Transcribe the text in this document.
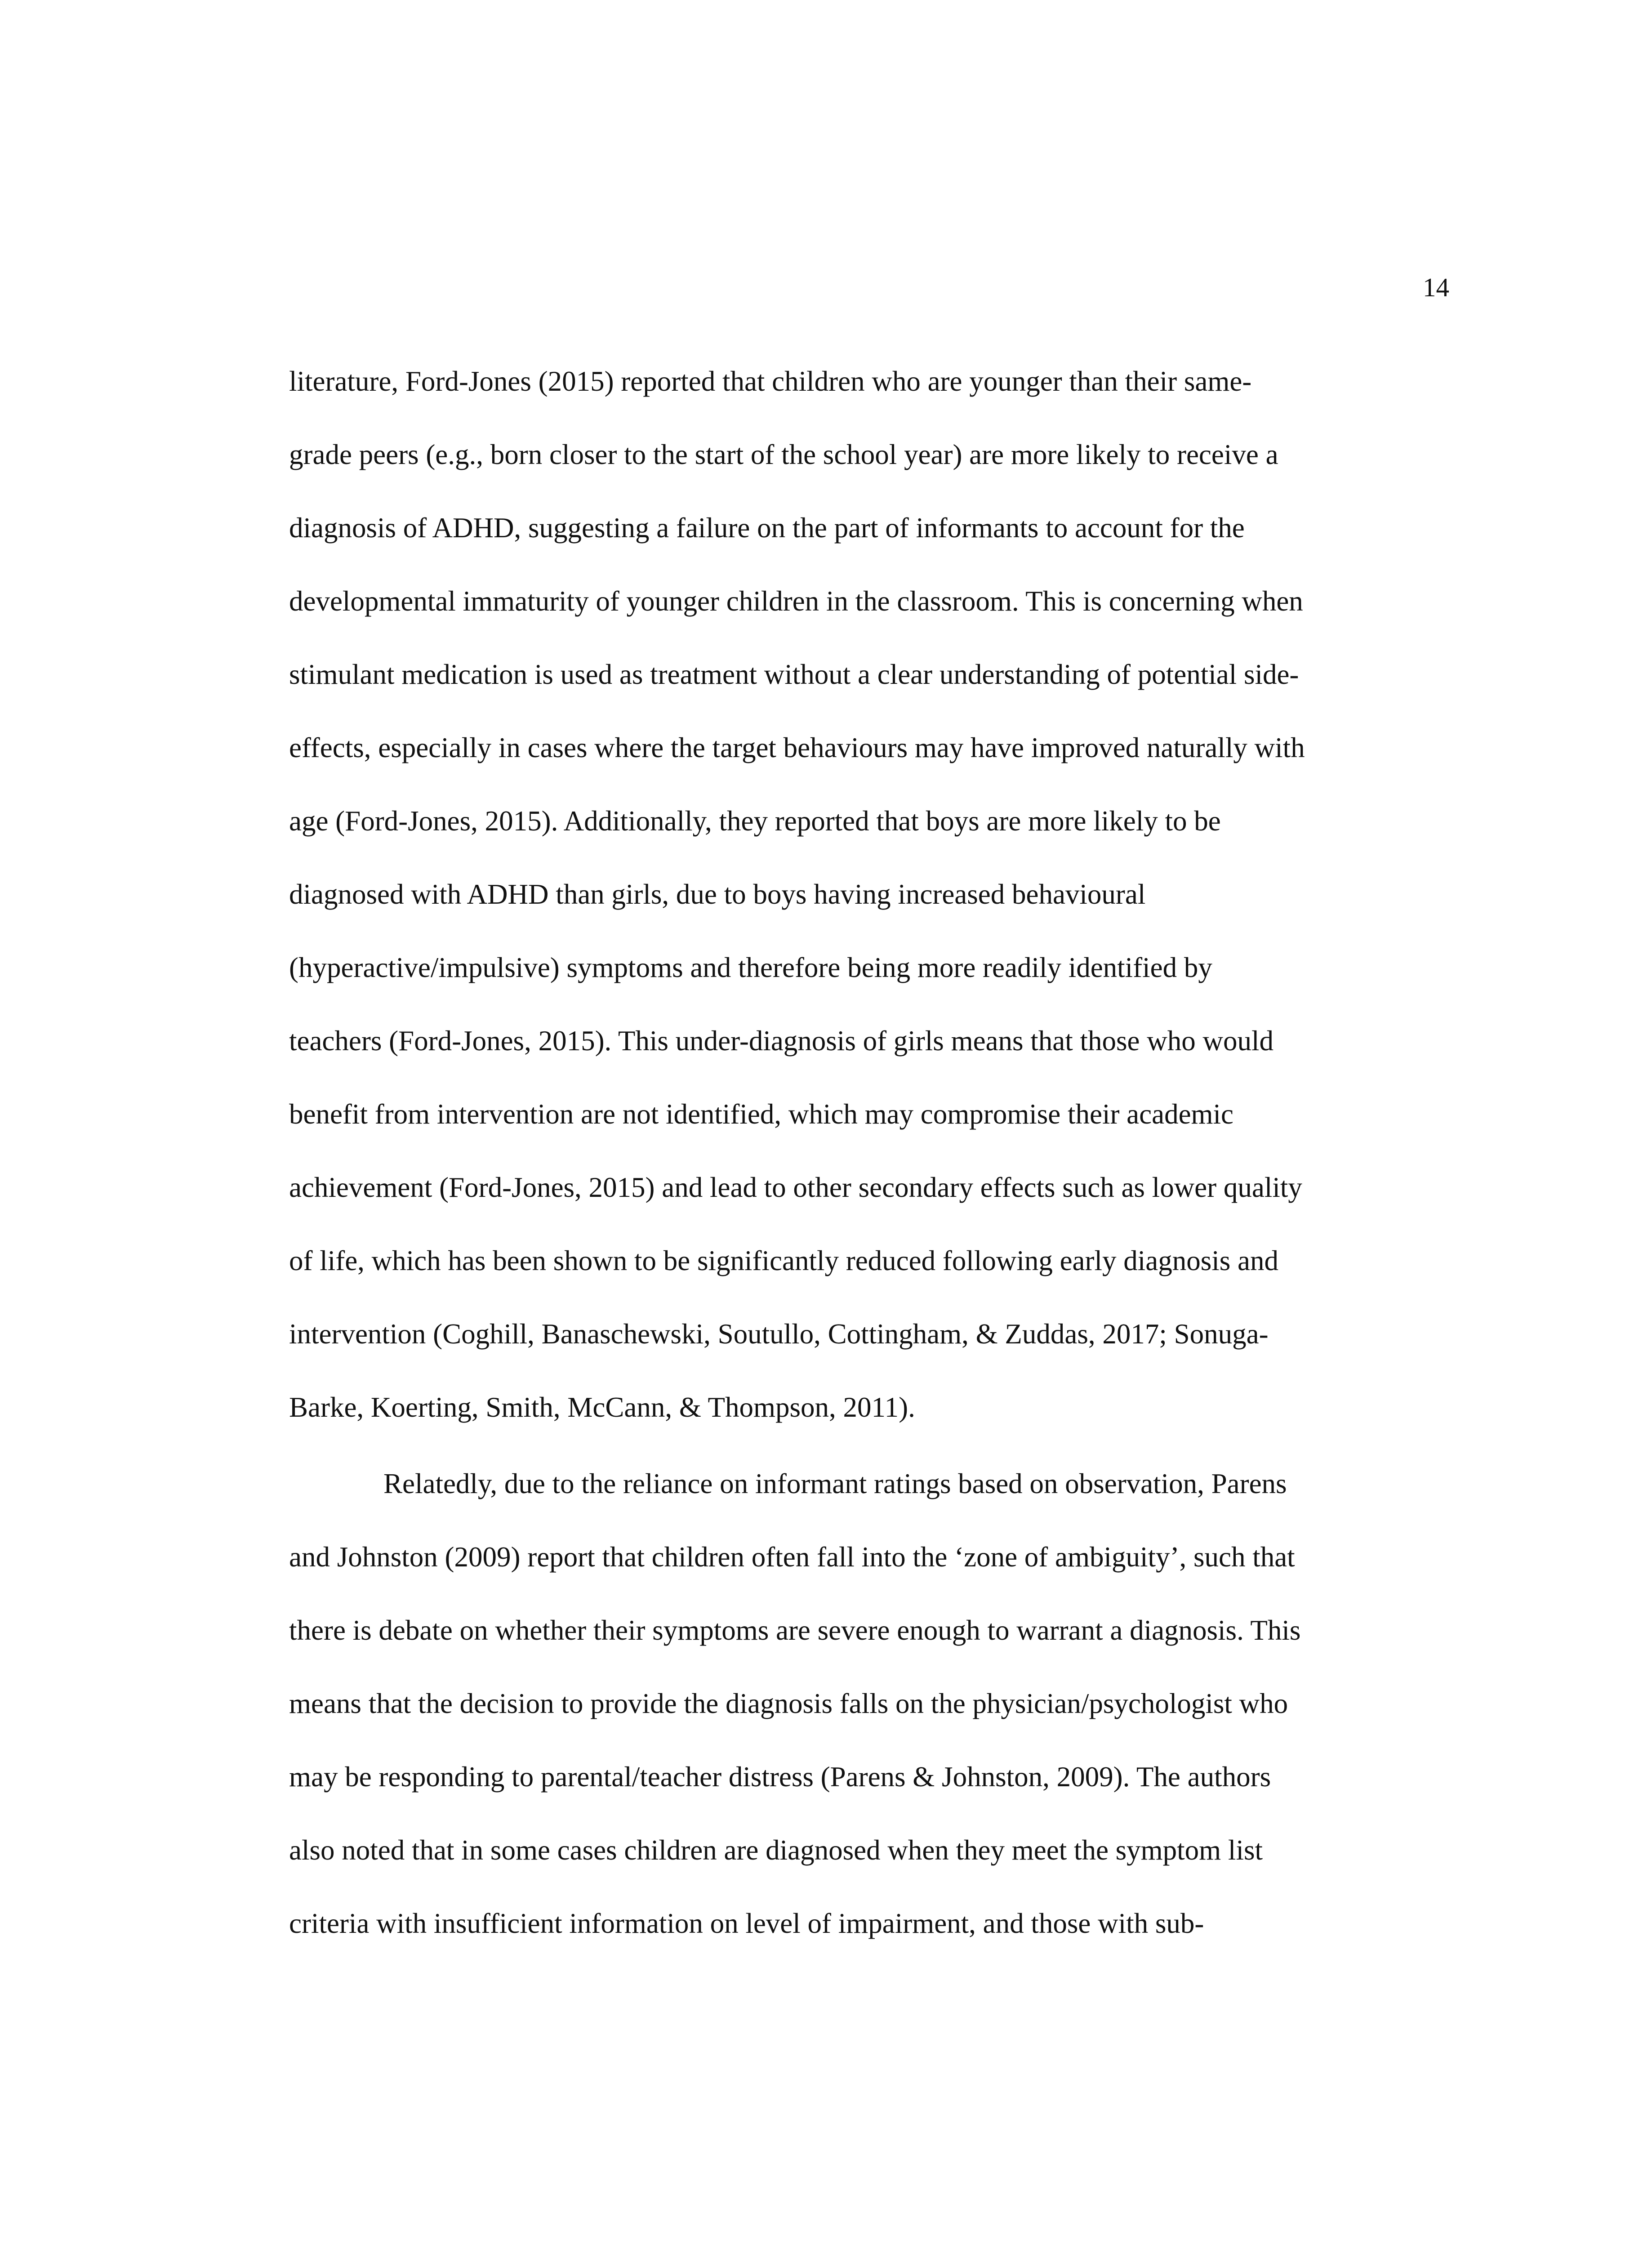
14

literature, Ford-Jones (2015) reported that children who are younger than their same-

grade peers (e.g., born closer to the start of the school year) are more likely to receive a

diagnosis of ADHD, suggesting a failure on the part of informants to account for the

developmental immaturity of younger children in the classroom. This is concerning when

stimulant medication is used as treatment without a clear understanding of potential side-

effects, especially in cases where the target behaviours may have improved naturally with

age (Ford-Jones, 2015). Additionally, they reported that boys are more likely to be

diagnosed with ADHD than girls, due to boys having increased behavioural

(hyperactive/impulsive) symptoms and therefore being more readily identified by

teachers (Ford-Jones, 2015). This under-diagnosis of girls means that those who would

benefit from intervention are not identified, which may compromise their academic

achievement (Ford-Jones, 2015) and lead to other secondary effects such as lower quality

of life, which has been shown to be significantly reduced following early diagnosis and

intervention (Coghill, Banaschewski, Soutullo, Cottingham, & Zuddas, 2017; Sonuga-

Barke, Koerting, Smith, McCann, & Thompson, 2011).

Relatedly, due to the reliance on informant ratings based on observation, Parens

and Johnston (2009) report that children often fall into the ‘zone of ambiguity’, such that

there is debate on whether their symptoms are severe enough to warrant a diagnosis. This

means that the decision to provide the diagnosis falls on the physician/psychologist who

may be responding to parental/teacher distress (Parens & Johnston, 2009). The authors

also noted that in some cases children are diagnosed when they meet the symptom list

criteria with insufficient information on level of impairment, and those with sub-
